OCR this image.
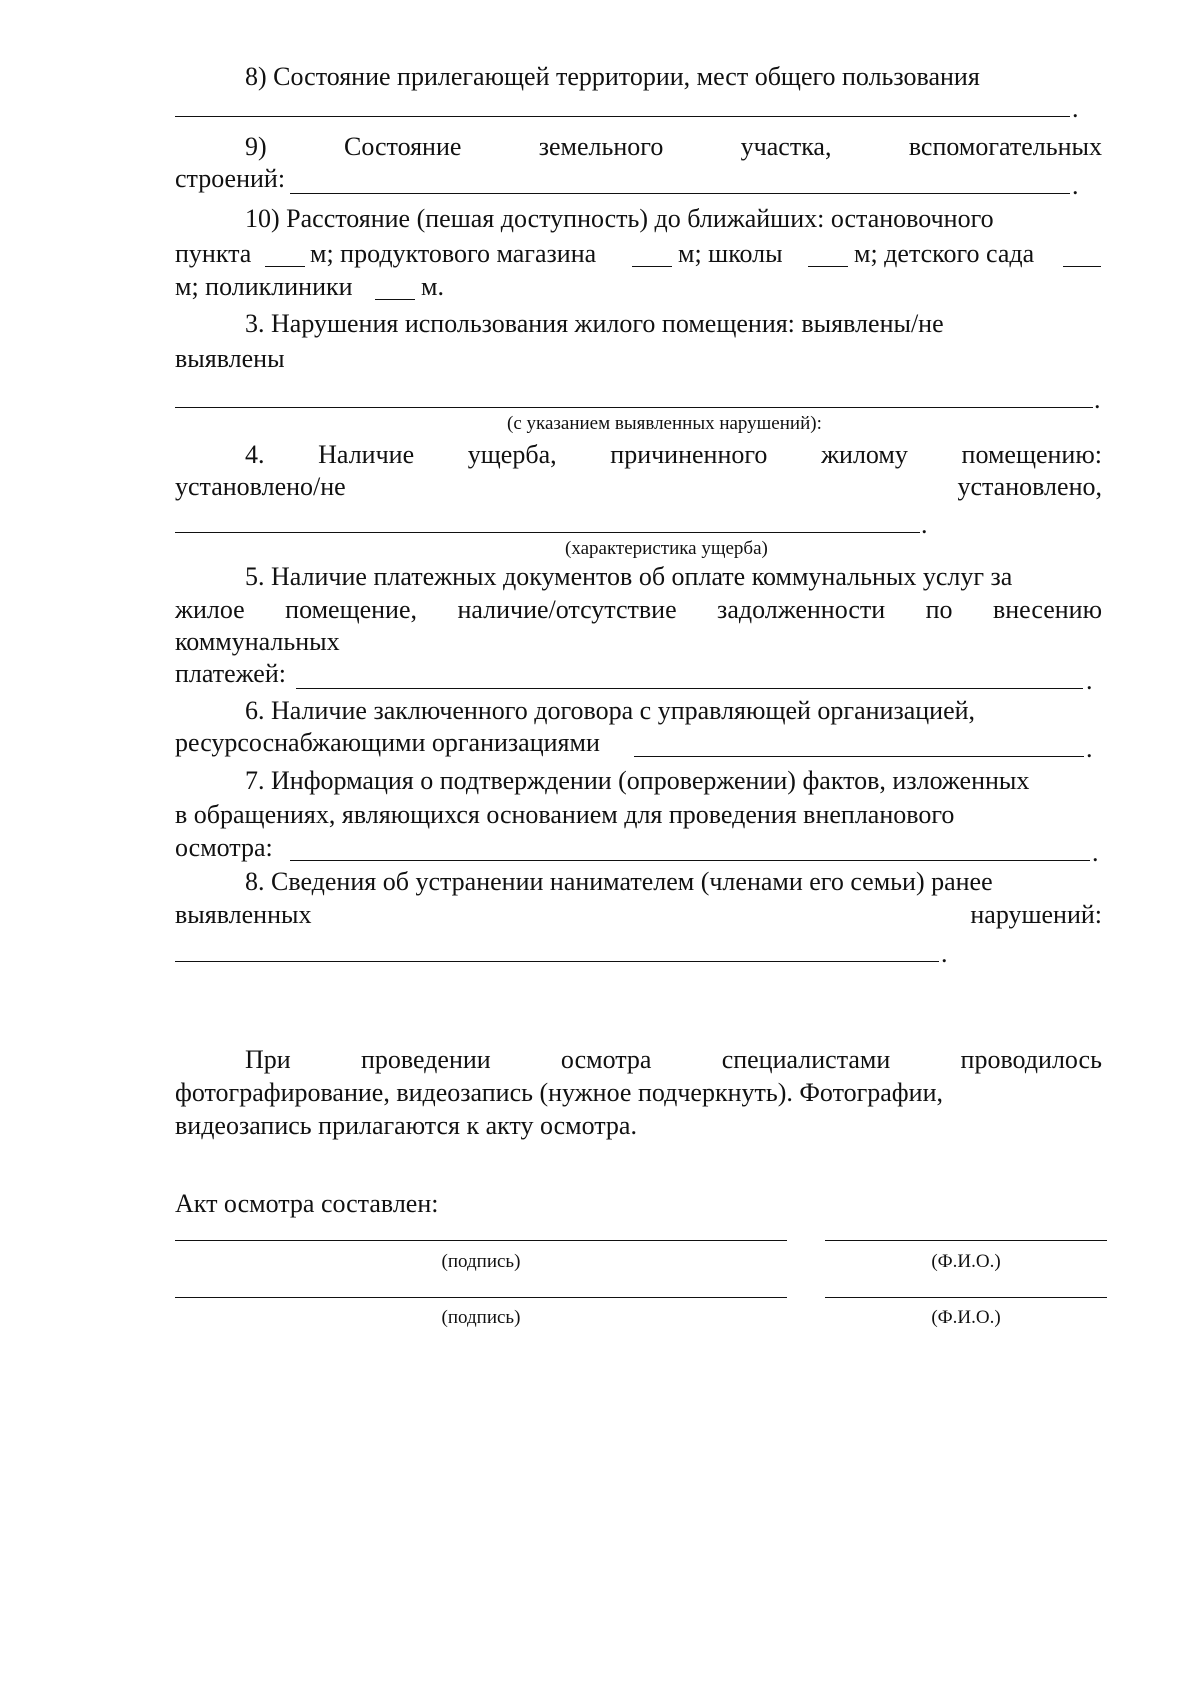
8) Состояние прилегающей территории, мест общего пользования
.
9)	Состояние	земельного	участка,	вспомогательных
строений:	.
10) Расстояние (пешая доступность) до ближайших: остановочного
пункта м; продуктового магазина	м; школы	м; детского сада
м; поликлиники	м.
3. Нарушения использования жилого помещения: выявлены/не
выявлены
.
(с указанием выявленных нарушений):
4. Наличие ущерба, причиненного жилому помещению:
установлено/не	установлено,
.
(характеристика ущерба)
5. Наличие платежных документов об оплате коммунальных услуг за
жилое помещение, наличие/отсутствие задолженности по внесению
коммунальных
платежей:	.
6. Наличие заключенного договора с управляющей организацией,
ресурсоснабжающими организациями	.
7. Информация о подтверждении (опровержении) фактов, изложенных
в обращениях, являющихся основанием для проведения внепланового
осмотра:	.
8. Сведения об устранении нанимателем (членами его семьи) ранее
выявленных	нарушений:
.
При	проведении	осмотра	специалистами	проводилось
фотографирование, видеозапись (нужное подчеркнуть). Фотографии,
видеозапись прилагаются к акту осмотра.
Акт осмотра составлен:
(подпись)	(Ф.И.О.)
(подпись)	(Ф.И.О.)
